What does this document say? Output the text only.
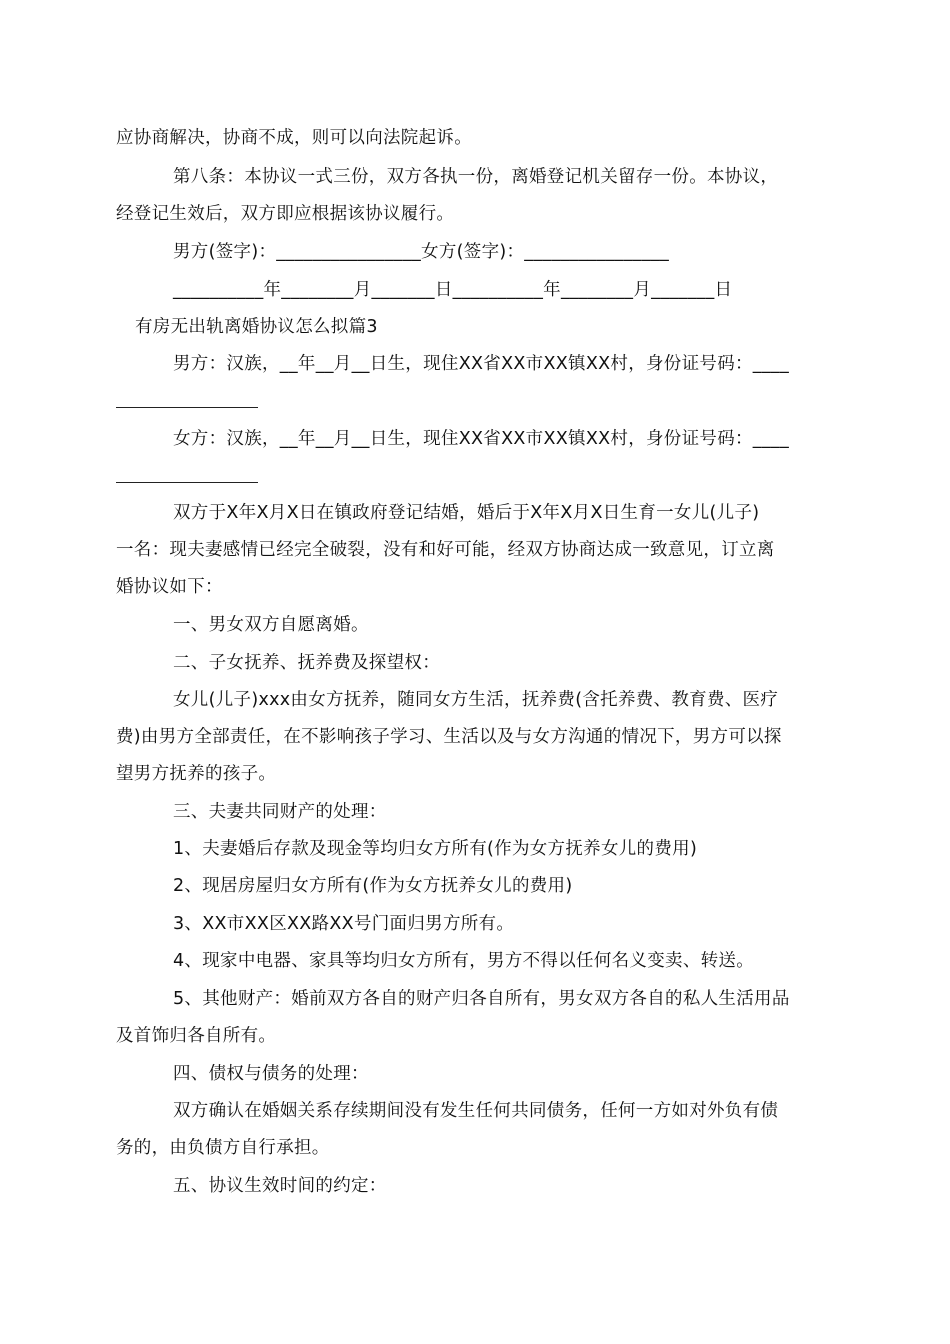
应协商解决，协商不成，则可以向法院起诉。
第八条：本协议一式三份，双方各执一份，离婚登记机关留存一份。本协议，
经登记生效后，双方即应根据该协议履行。
男方(签字)：________________女方(签字)：________________
__________年________月_______日__________年________月_______日
有房无出轨离婚协议怎么拟篇3
男方：汉族，__年__月__日生，现住XX省XX市XX镇XX村，身份证号码：____
女方：汉族，__年__月__日生，现住XX省XX市XX镇XX村，身份证号码：____
双方于X年X月X日在镇政府登记结婚，婚后于X年X月X日生育一女儿(儿子)
一名：现夫妻感情已经完全破裂，没有和好可能，经双方协商达成一致意见，订立离
婚协议如下：
一、男女双方自愿离婚。
二、子女抚养、抚养费及探望权：
女儿(儿子)xxx由女方抚养，随同女方生活，抚养费(含托养费、教育费、医疗
费)由男方全部责任，在不影响孩子学习、生活以及与女方沟通的情况下，男方可以探
望男方抚养的孩子。
三、夫妻共同财产的处理：
1、夫妻婚后存款及现金等均归女方所有(作为女方抚养女儿的费用)
2、现居房屋归女方所有(作为女方抚养女儿的费用)
3、XX市XX区XX路XX号门面归男方所有。
4、现家中电器、家具等均归女方所有，男方不得以任何名义变卖、转送。
5、其他财产：婚前双方各自的财产归各自所有，男女双方各自的私人生活用品
及首饰归各自所有。
四、债权与债务的处理：
双方确认在婚姻关系存续期间没有发生任何共同债务，任何一方如对外负有债
务的，由负债方自行承担。
五、协议生效时间的约定：
